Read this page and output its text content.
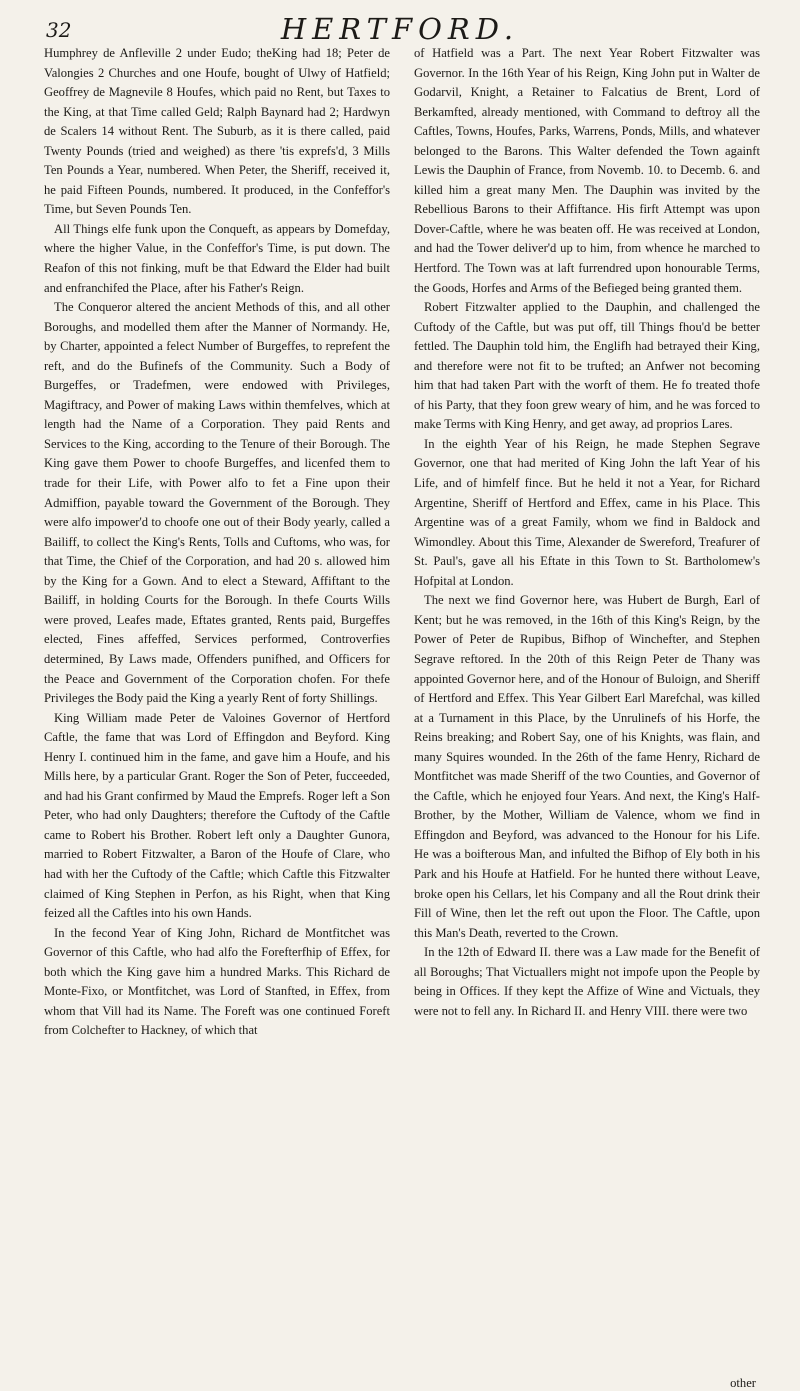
32	HERTFORD.

Humphrey de Anfleville 2 under Eudo; theKing had 18; Peter de Valongies 2 Churches and one Houfe, bought of Ulwy of Hatfield; Geoffrey de Magnevile 8 Houfes, which paid no Rent, but Taxes to the King, at that Time called Geld; Ralph Baynard had 2; Hardwyn de Scalers 14 without Rent. The Suburb, as it is there called, paid Twenty Pounds (tried and weighed) as there 'tis exprefs'd, 3 Mills Ten Pounds a Year, numbered. When Peter, the Sheriff, received it, he paid Fifteen Pounds, numbered. It produced, in the Confeffor's Time, but Seven Pounds Ten.

All Things elfe funk upon the Conqueft, as appears by Domefday, where the higher Value, in the Confeffor's Time, is put down. The Reafon of this not finking, muft be that Edward the Elder had built and enfranchifed the Place, after his Father's Reign.

The Conqueror altered the ancient Methods of this, and all other Boroughs, and modelled them after the Manner of Normandy. He, by Charter, appointed a felect Number of Burgeffes, to reprefent the reft, and do the Bufinefs of the Community. Such a Body of Burgeffes, or Tradefmen, were endowed with Privileges, Magiftracy, and Power of making Laws within themfelves, which at length had the Name of a Corporation. They paid Rents and Services to the King, according to the Tenure of their Borough. The King gave them Power to choofe Burgeffes, and licenfed them to trade for their Life, with Power alfo to fet a Fine upon their Admiffion, payable toward the Government of the Borough. They were alfo impower'd to choofe one out of their Body yearly, called a Bailiff, to collect the King's Rents, Tolls and Cuftoms, who was, for that Time, the Chief of the Corporation, and had 20 s. allowed him by the King for a Gown. And to elect a Steward, Affiftant to the Bailiff, in holding Courts for the Borough. In thefe Courts Wills were proved, Leafes made, Eftates granted, Rents paid, Burgeffes elected, Fines affeffed, Services performed, Controverfies determined, By Laws made, Offenders punifhed, and Officers for the Peace and Government of the Corporation chofen. For thefe Privileges the Body paid the King a yearly Rent of forty Shillings.

King William made Peter de Valoines Governor of Hertford Caftle, the fame that was Lord of Effingdon and Beyford. King Henry I. continued him in the fame, and gave him a Houfe, and his Mills here, by a particular Grant. Roger the Son of Peter, fucceeded, and had his Grant confirmed by Maud the Emprefs. Roger left a Son Peter, who had only Daughters; therefore the Cuftody of the Caftle came to Robert his Brother. Robert left only a Daughter Gunora, married to Robert Fitzwalter, a Baron of the Houfe of Clare, who had with her the Cuftody of the Caftle; which Caftle this Fitzwalter claimed of King Stephen in Perfon, as his Right, when that King feized all the Caftles into his own Hands.

In the fecond Year of King John, Richard de Montfitchet was Governor of this Caftle, who had alfo the Forefterfhip of Effex, for both which the King gave him a hundred Marks. This Richard de Monte-Fixo, or Montfitchet, was Lord of Stanfted, in Effex, from whom that Vill had its Name. The Foreft was one continued Foreft from Colchefter to Hackney, of which that

of Hatfield was a Part. The next Year Robert Fitzwalter was Governor. In the 16th Year of his Reign, King John put in Walter de Godarvil, Knight, a Retainer to Falcatius de Brent, Lord of Berkamfted, already mentioned, with Command to deftroy all the Caftles, Towns, Houfes, Parks, Warrens, Ponds, Mills, and whatever belonged to the Barons. This Walter defended the Town againft Lewis the Dauphin of France, from Novemb. 10. to Decemb. 6. and killed him a great many Men. The Dauphin was invited by the Rebellious Barons to their Affiftance. His firft Attempt was upon Dover-Caftle, where he was beaten off. He was received at London, and had the Tower deliver'd up to him, from whence he marched to Hertford. The Town was at laft furrendred upon honourable Terms, the Goods, Horfes and Arms of the Befieged being granted them.

Robert Fitzwalter applied to the Dauphin, and challenged the Cuftody of the Caftle, but was put off, till Things fhou'd be better fettled. The Dauphin told him, the Englifh had betrayed their King, and therefore were not fit to be trufted; an Anfwer not becoming him that had taken Part with the worft of them. He fo treated thofe of his Party, that they foon grew weary of him, and he was forced to make Terms with King Henry, and get away, ad proprios Lares.

In the eighth Year of his Reign, he made Stephen Segrave Governor, one that had merited of King John the laft Year of his Life, and of himfelf fince. But he held it not a Year, for Richard Argentine, Sheriff of Hertford and Effex, came in his Place. This Argentine was of a great Family, whom we find in Baldock and Wimondley. About this Time, Alexander de Swereford, Treafurer of St. Paul's, gave all his Eftate in this Town to St. Bartholomew's Hofpital at London.

The next we find Governor here, was Hubert de Burgh, Earl of Kent; but he was removed, in the 16th of this King's Reign, by the Power of Peter de Rupibus, Bifhop of Winchefter, and Stephen Segrave reftored. In the 20th of this Reign Peter de Thany was appointed Governor here, and of the Honour of Buloign, and Sheriff of Hertford and Effex. This Year Gilbert Earl Marefchal, was killed at a Turnament in this Place, by the Unrulinefs of his Horfe, the Reins breaking; and Robert Say, one of his Knights, was flain, and many Squires wounded. In the 26th of the fame Henry, Richard de Montfitchet was made Sheriff of the two Counties, and Governor of the Caftle, which he enjoyed four Years. And next, the King's Half-Brother, by the Mother, William de Valence, whom we find in Effingdon and Beyford, was advanced to the Honour for his Life. He was a boifterous Man, and infulted the Bifhop of Ely both in his Park and his Houfe at Hatfield. For he hunted there without Leave, broke open his Cellars, let his Company and all the Rout drink their Fill of Wine, then let the reft out upon the Floor. The Caftle, upon this Man's Death, reverted to the Crown.

In the 12th of Edward II. there was a Law made for the Benefit of all Boroughs; That Victuallers might not impofe upon the People by being in Offices. If they kept the Affize of Wine and Victuals, they were not to fell any. In Richard II. and Henry VIII. there were two

other
